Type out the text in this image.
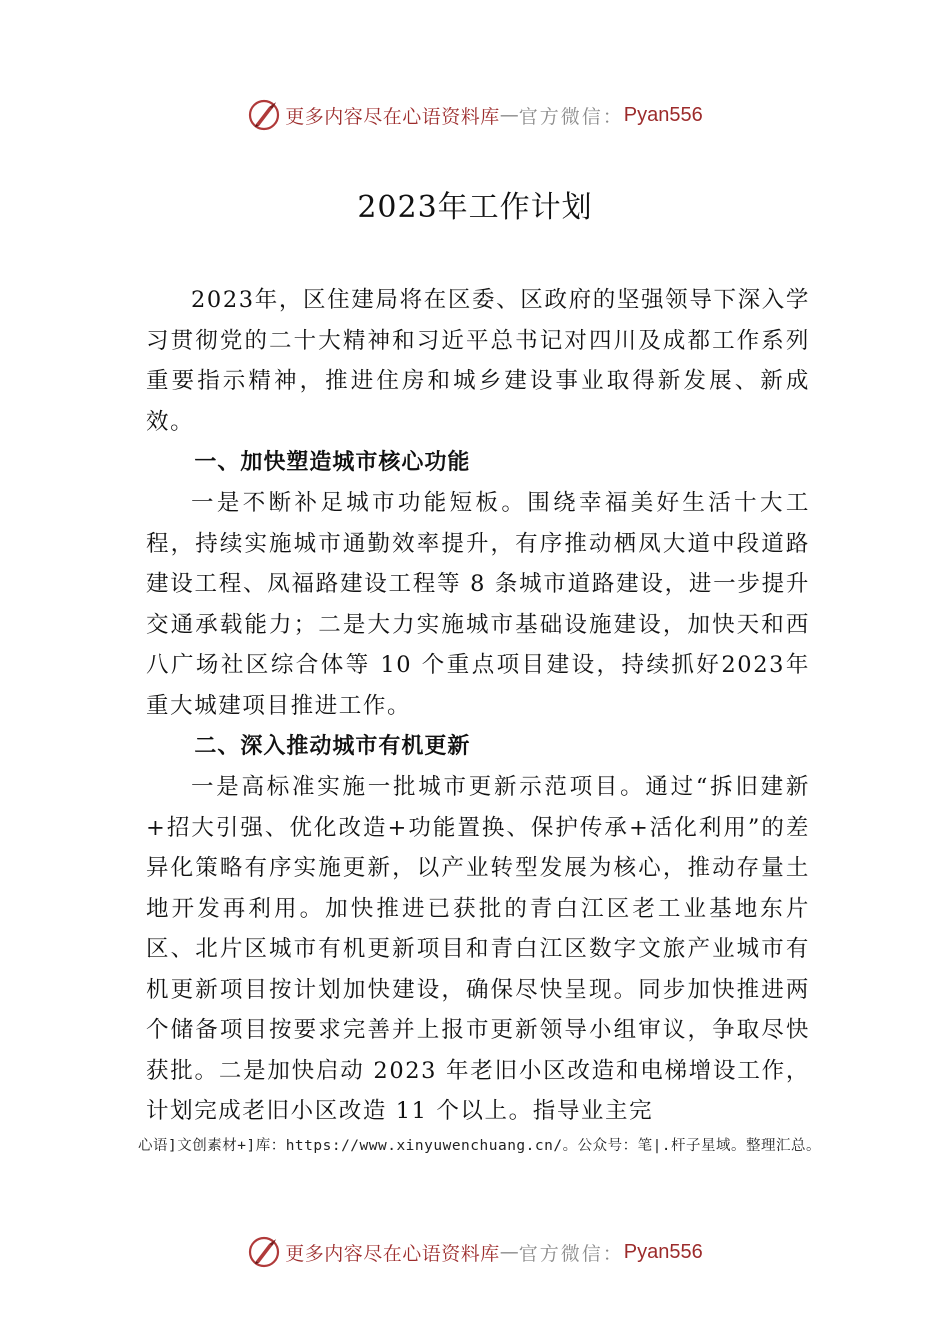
更多内容尽在心语资料库 — 官方微信： Pyan556
2023年工作计划

2023年，区住建局将在区委、区政府的坚强领导下深入学习贯彻党的二十大精神和习近平总书记对四川及成都工作系列重要指示精神，推进住房和城乡建设事业取得新发展、新成效。

一、加快塑造城市核心功能

一是不断补足城市功能短板。围绕幸福美好生活十大工程，持续实施城市通勤效率提升，有序推动栖凤大道中段道路建设工程、凤福路建设工程等 8 条城市道路建设，进一步提升交通承载能力；二是大力实施城市基础设施建设，加快天和西八广场社区综合体等 10 个重点项目建设，持续抓好2023年重大城建项目推进工作。

二、深入推动城市有机更新

一是高标准实施一批城市更新示范项目。通过“拆旧建新+招大引强、优化改造+功能置换、保护传承+活化利用”的差异化策略有序实施更新，以产业转型发展为核心，推动存量土地开发再利用。加快推进已获批的青白江区老工业基地东片区、北片区城市有机更新项目和青白江区数字文旅产业城市有机更新项目按计划加快建设，确保尽快呈现。同步加快推进两个储备项目按要求完善并上报市更新领导小组审议，争取尽快获批。二是加快启动 2023 年老旧小区改造和电梯增设工作，计划完成老旧小区改造 11 个以上。指导业主完

心语]文创素材+]库：https://www.xinyuwenchuang.cn/。公众号：笔|.杆子星域。整理汇总。
更多内容尽在心语资料库 — 官方微信： Pyan556
